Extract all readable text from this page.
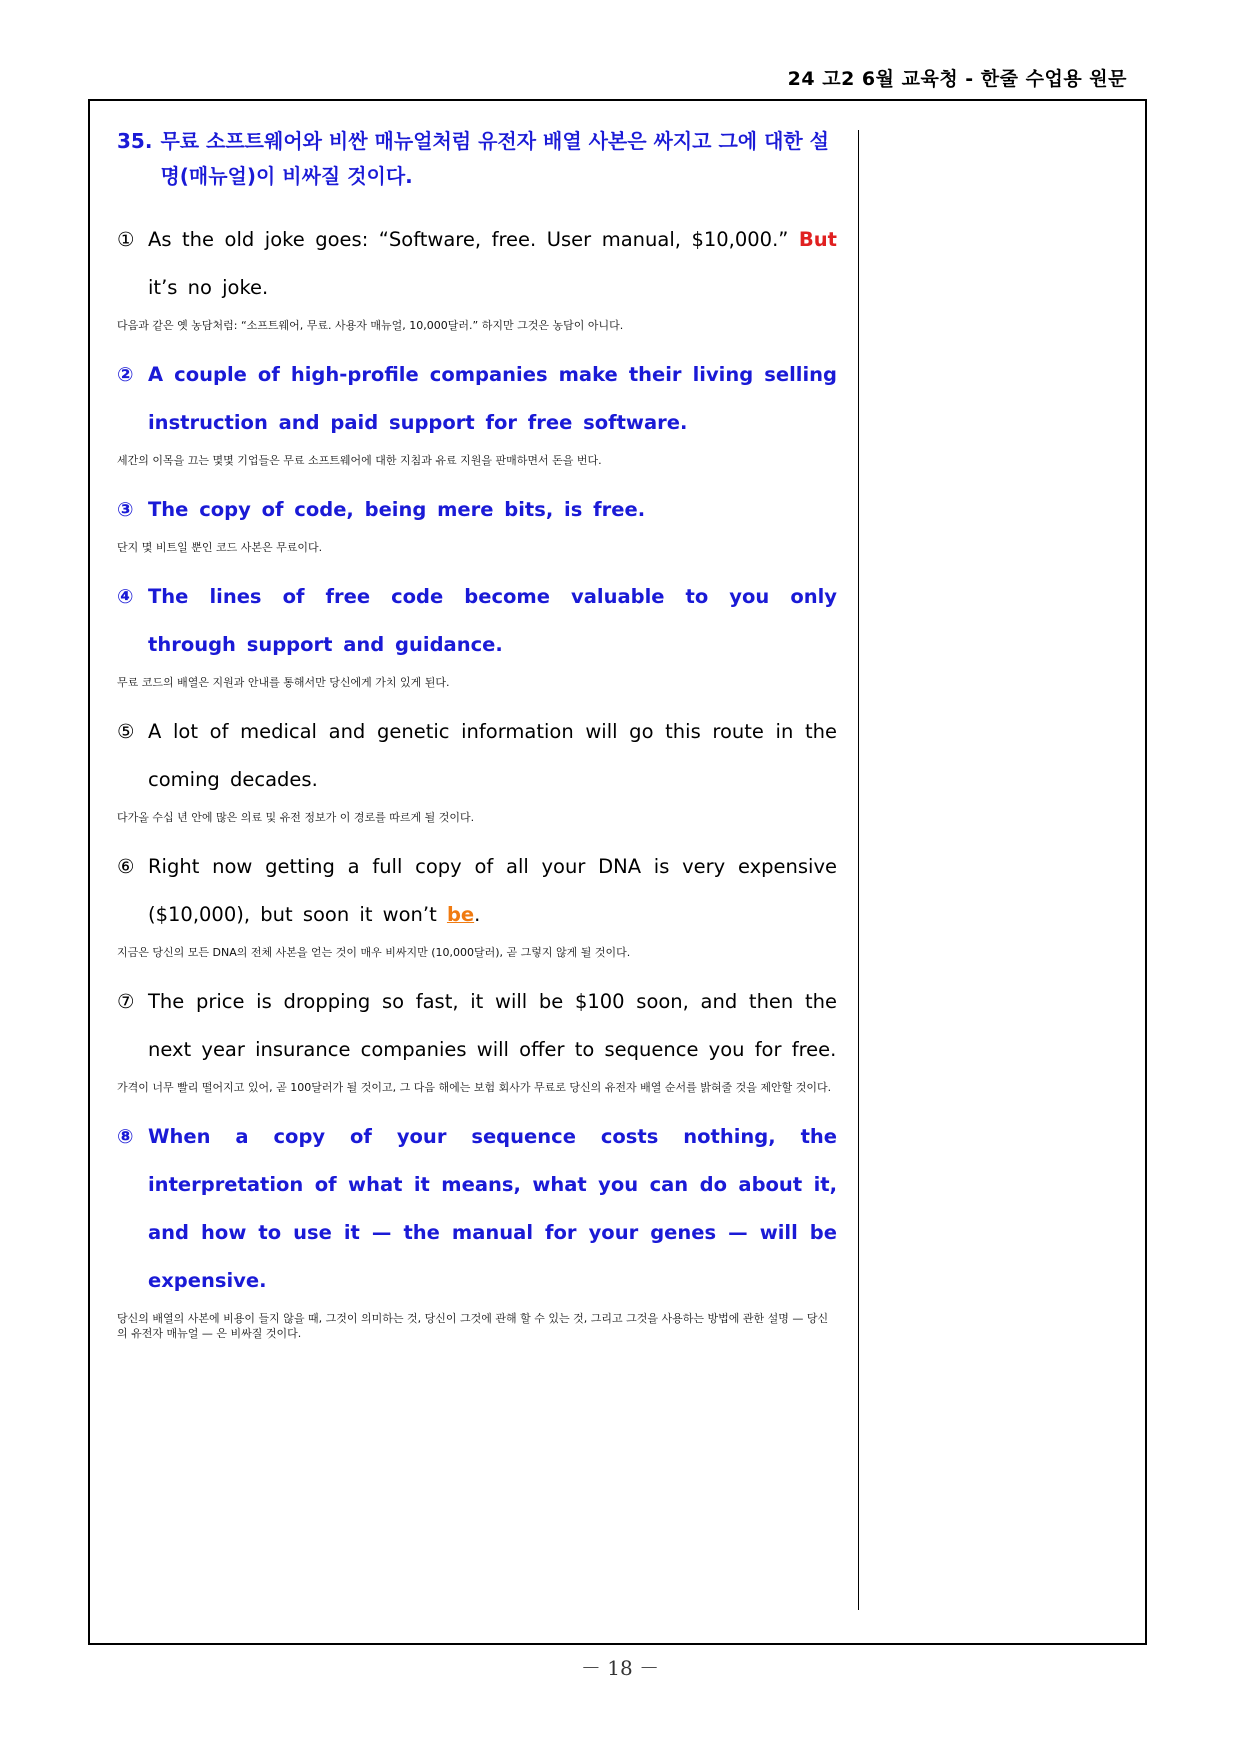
24 고2 6월 교육청 - 한줄 수업용 원문
35. 무료 소프트웨어와 비싼 매뉴얼처럼 유전자 배열 사본은 싸지고 그에 대한 설명(매뉴얼)이 비싸질 것이다.
① As the old joke goes: “Software, free. User manual, $10,000.” But it’s no joke.
다음과 같은 옛 농담처럼: “소프트웨어, 무료. 사용자 매뉴얼, 10,000달러.” 하지만 그것은 농담이 아니다.
② A couple of high-profile companies make their living selling instruction and paid support for free software.
세간의 이목을 끄는 몇몇 기업들은 무료 소프트웨어에 대한 지침과 유료 지원을 판매하면서 돈을 번다.
③ The copy of code, being mere bits, is free.
단지 몇 비트일 뿐인 코드 사본은 무료이다.
④ The lines of free code become valuable to you only through support and guidance.
무료 코드의 배열은 지원과 안내를 통해서만 당신에게 가치 있게 된다.
⑤ A lot of medical and genetic information will go this route in the coming decades.
다가올 수십 년 안에 많은 의료 및 유전 정보가 이 경로를 따르게 될 것이다.
⑥ Right now getting a full copy of all your DNA is very expensive ($10,000), but soon it won’t be.
지금은 당신의 모든 DNA의 전체 사본을 얻는 것이 매우 비싸지만 (10,000달러), 곧 그렇지 않게 될 것이다.
⑦ The price is dropping so fast, it will be $100 soon, and then the next year insurance companies will offer to sequence you for free.
가격이 너무 빨리 떨어지고 있어, 곧 100달러가 될 것이고, 그 다음 해에는 보험 회사가 무료로 당신의 유전자 배열 순서를 밝혀줄 것을 제안할 것이다.
⑧ When a copy of your sequence costs nothing, the interpretation of what it means, what you can do about it, and how to use it — the manual for your genes — will be expensive.
당신의 배열의 사본에 비용이 들지 않을 때, 그것이 의미하는 것, 당신이 그것에 관해 할 수 있는 것, 그리고 그것을 사용하는 방법에 관한 설명 — 당신의 유전자 매뉴얼 — 은 비싸질 것이다.
－ 18 －
